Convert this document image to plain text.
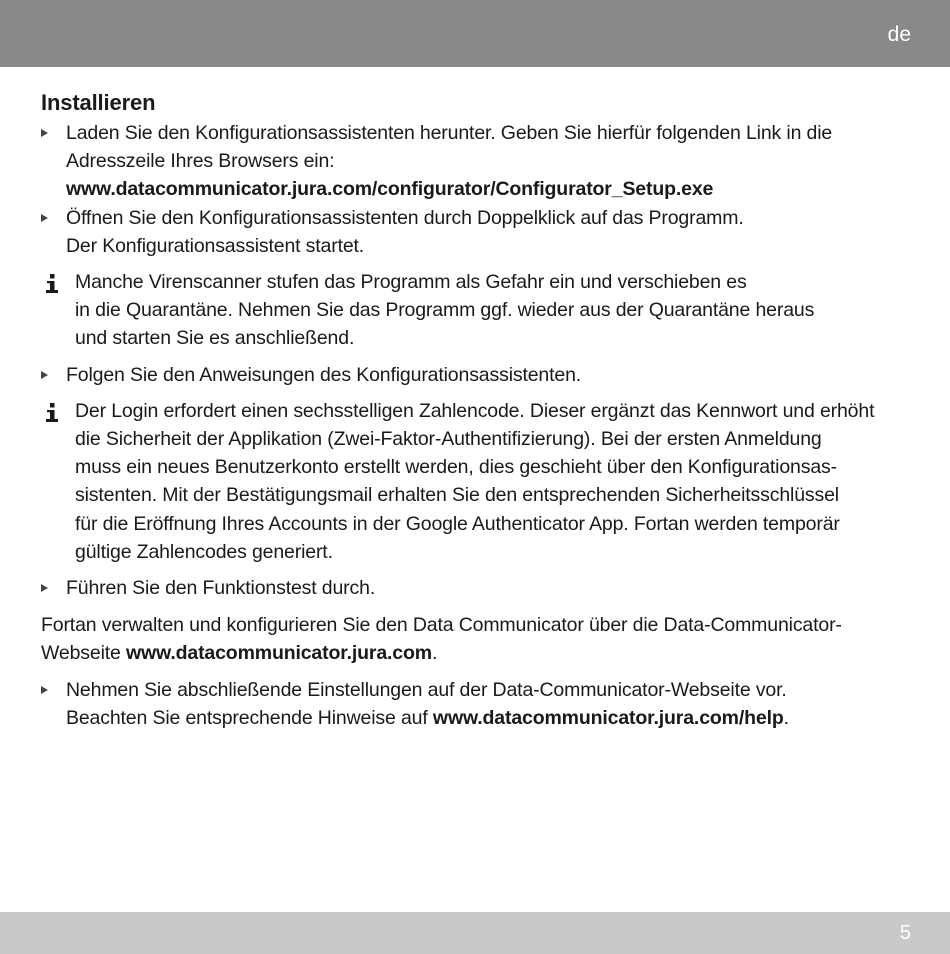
de
Installieren
Laden Sie den Konfigurationsassistenten herunter. Geben Sie hierfür folgenden Link in die
Adresszeile Ihres Browsers ein:
www.datacommunicator.jura.com/configurator/Configurator_Setup.exe
Öffnen Sie den Konfigurationsassistenten durch Doppelklick auf das Programm.
Der Konfigurationsassistent startet.
Manche Virenscanner stufen das Programm als Gefahr ein und verschieben es
in die Quarantäne. Nehmen Sie das Programm ggf. wieder aus der Quarantäne heraus
und starten Sie es anschließend.
Folgen Sie den Anweisungen des Konfigurationsassistenten.
Der Login erfordert einen sechsstelligen Zahlencode. Dieser ergänzt das Kennwort und erhöht
die Sicherheit der Applikation (Zwei-Faktor-Authentifizierung). Bei der ersten Anmeldung
muss ein neues Benutzerkonto erstellt werden, dies geschieht über den Konfigurationsas-
sistenten. Mit der Bestätigungsmail erhalten Sie den entsprechenden Sicherheitsschlüssel
für die Eröffnung Ihres Accounts in der Google Authenticator App. Fortan werden temporär
gültige Zahlencodes generiert.
Führen Sie den Funktionstest durch.
Fortan verwalten und konfigurieren Sie den Data Communicator über die Data-Communicator-
Webseite www.datacommunicator.jura.com.
Nehmen Sie abschließende Einstellungen auf der Data-Communicator-Webseite vor.
Beachten Sie entsprechende Hinweise auf www.datacommunicator.jura.com/help.
5
